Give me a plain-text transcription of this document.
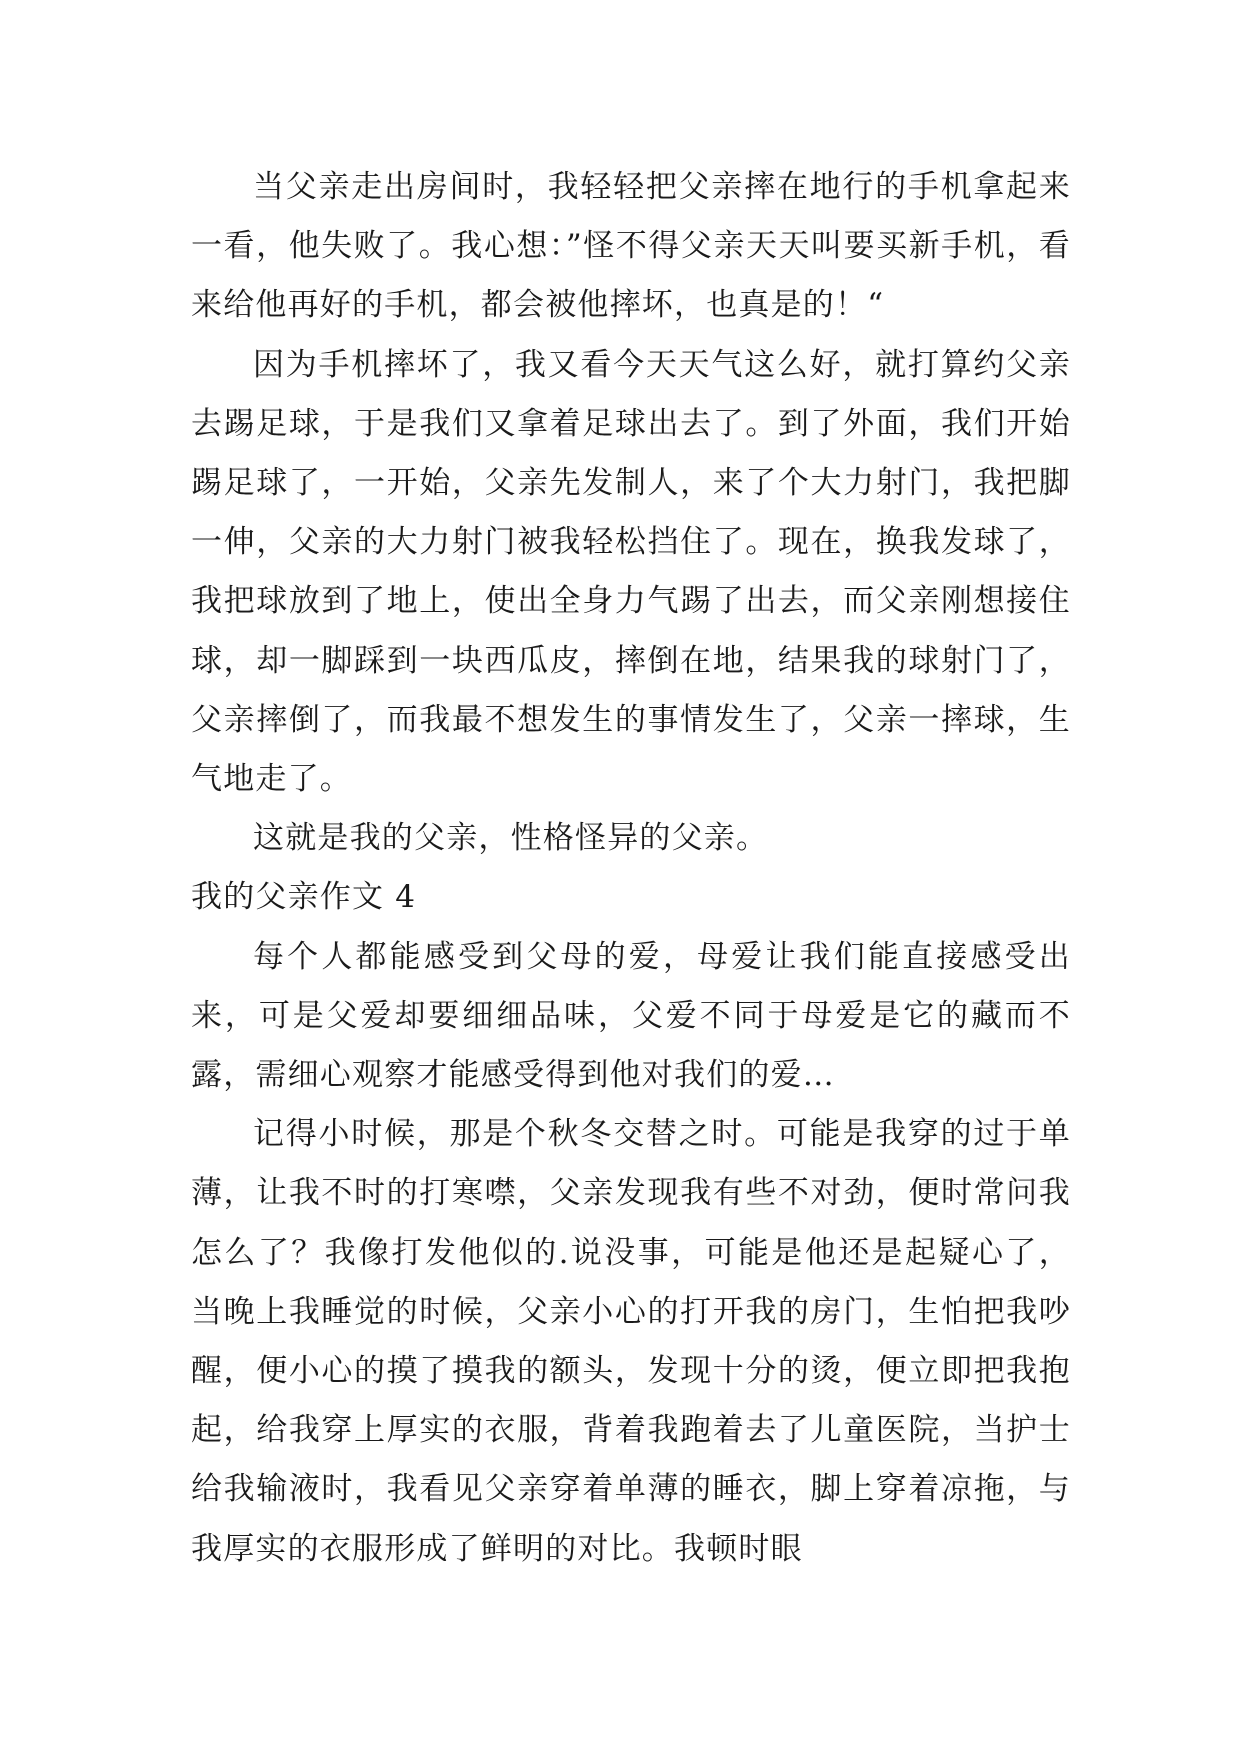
当父亲走出房间时，我轻轻把父亲摔在地行的手机拿起来一看，他失败了。我心想：”怪不得父亲天天叫要买新手机，看来给他再好的手机，都会被他摔坏，也真是的！“

因为手机摔坏了，我又看今天天气这么好，就打算约父亲去踢足球，于是我们又拿着足球出去了。到了外面，我们开始踢足球了，一开始，父亲先发制人，来了个大力射门，我把脚一伸，父亲的大力射门被我轻松挡住了。现在，换我发球了，我把球放到了地上，使出全身力气踢了出去，而父亲刚想接住球，却一脚踩到一块西瓜皮，摔倒在地，结果我的球射门了，父亲摔倒了，而我最不想发生的事情发生了，父亲一摔球，生气地走了。

这就是我的父亲，性格怪异的父亲。

我的父亲作文 4

每个人都能感受到父母的爱，母爱让我们能直接感受出来，可是父爱却要细细品味，父爱不同于母爱是它的藏而不露，需细心观察才能感受得到他对我们的爱…

记得小时候，那是个秋冬交替之时。可能是我穿的过于单薄，让我不时的打寒噤，父亲发现我有些不对劲，便时常问我怎么了？我像打发他似的.说没事，可能是他还是起疑心了，当晚上我睡觉的时候，父亲小心的打开我的房门，生怕把我吵醒，便小心的摸了摸我的额头，发现十分的烫，便立即把我抱起，给我穿上厚实的衣服，背着我跑着去了儿童医院，当护士给我输液时，我看见父亲穿着单薄的睡衣，脚上穿着凉拖，与我厚实的衣服形成了鲜明的对比。我顿时眼
